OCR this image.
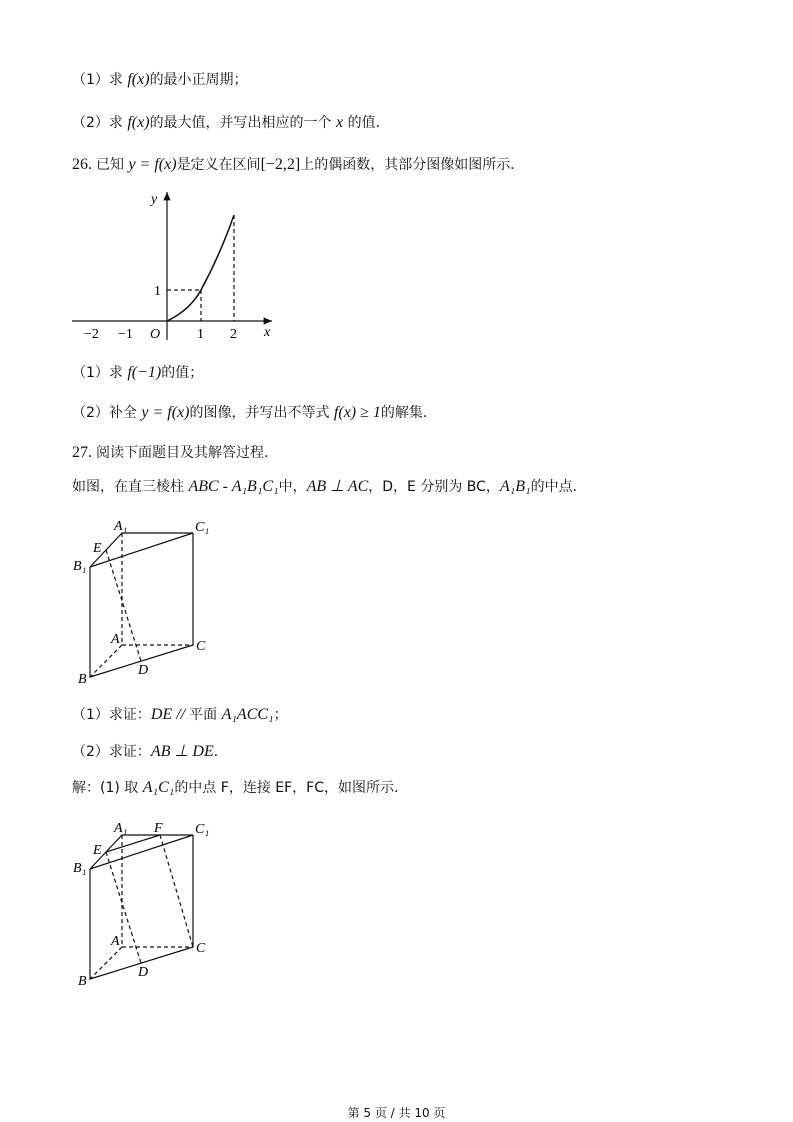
（1）求 f(x)的最小正周期；
（2）求 f(x)的最大值，并写出相应的一个 x 的值．
26. 已知 y = f(x)是定义在区间[−2,2]上的偶函数，其部分图像如图所示．
y
x
O
−2 −1	1 2
1
A₁	C₁
B₁
E
A	C
B
D
A₁ F C₁
B₁
E
A	C
B
D
（1）求 f(−1)的值；
（2）补全 y = f(x)的图像，并写出不等式 f(x) ≥ 1的解集．
27. 阅读下面题目及其解答过程．
如图，在直三棱柱 ABC - A₁B₁C₁中，AB ⊥ AC，D，E 分别为 BC，A₁B₁的中点．
（1）求证：DE // 平面 A₁ACC₁；
（2）求证：AB ⊥ DE．
解：(1) 取 A₁C₁的中点 F，连接 EF，FC，如图所示．
第 5 页 / 共 10 页
